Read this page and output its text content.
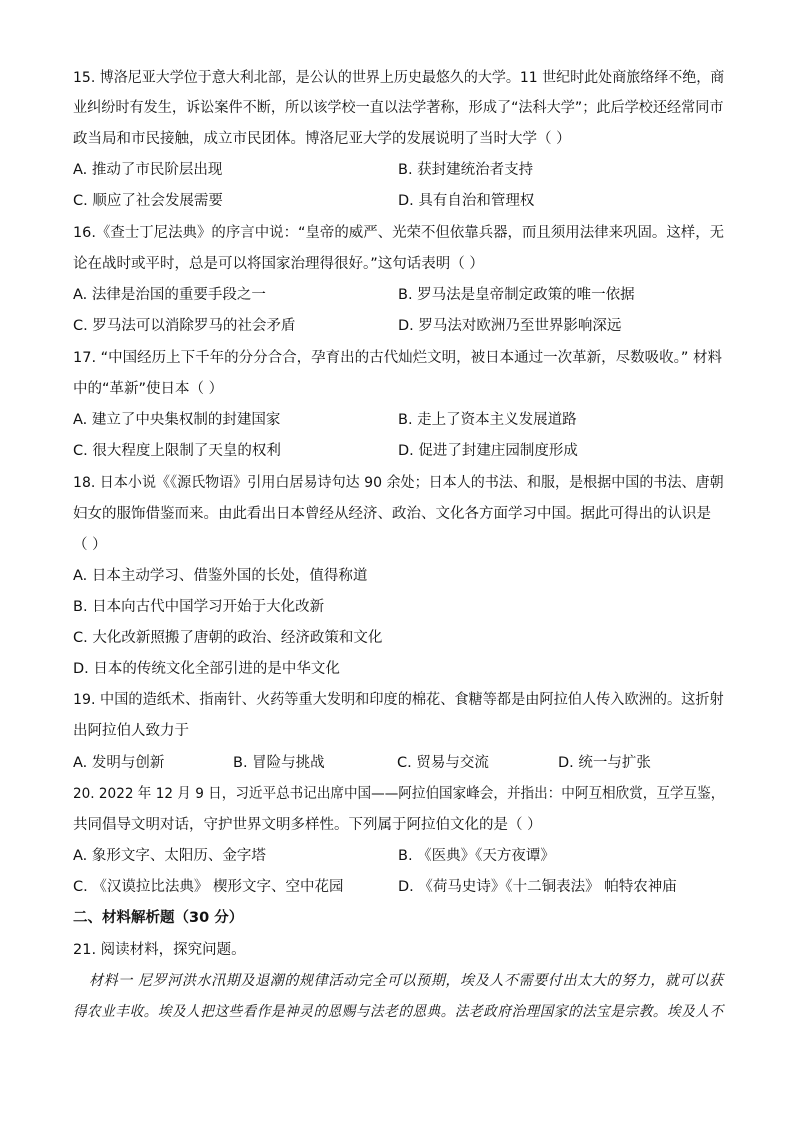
15. 博洛尼亚大学位于意大利北部，是公认的世界上历史最悠久的大学。11 世纪时此处商旅络绎不绝，商
业纠纷时有发生，诉讼案件不断，所以该学校一直以法学著称，形成了“法科大学”；此后学校还经常同市
政当局和市民接触，成立市民团体。博洛尼亚大学的发展说明了当时大学（ ）
A. 推动了市民阶层出现	B. 获封建统治者支持
C. 顺应了社会发展需要	D. 具有自治和管理权
16.《查士丁尼法典》的序言中说：“皇帝的威严、光荣不但依靠兵器，而且须用法律来巩固。这样，无
论在战时或平时，总是可以将国家治理得很好。”这句话表明（ ）
A. 法律是治国的重要手段之一	B. 罗马法是皇帝制定政策的唯一依据
C. 罗马法可以消除罗马的社会矛盾	D. 罗马法对欧洲乃至世界影响深远
17. “中国经历上下千年的分分合合，孕育出的古代灿烂文明，被日本通过一次革新，尽数吸收。” 材料
中的“革新”使日本（ ）
A. 建立了中央集权制的封建国家	B. 走上了资本主义发展道路
C. 很大程度上限制了天皇的权利	D. 促进了封建庄园制度形成
18. 日本小说《《源氏物语》引用白居易诗句达 90 余处；日本人的书法、和服，是根据中国的书法、唐朝
妇女的服饰借鉴而来。由此看出日本曾经从经济、政治、文化各方面学习中国。据此可得出的认识是
（ ）
A. 日本主动学习、借鉴外国的长处，值得称道
B. 日本向古代中国学习开始于大化改新
C. 大化改新照搬了唐朝的政治、经济政策和文化
D. 日本的传统文化全部引进的是中华文化
19. 中国的造纸术、指南针、火药等重大发明和印度的棉花、食糖等都是由阿拉伯人传入欧洲的。这折射
出阿拉伯人致力于
A. 发明与创新	B. 冒险与挑战	C. 贸易与交流	D. 统一与扩张
20. 2022 年 12 月 9 日，习近平总书记出席中国——阿拉伯国家峰会，并指出：中阿互相欣赏，互学互鉴，
共同倡导文明对话，守护世界文明多样性。下列属于阿拉伯文化的是（ ）
A. 象形文字、太阳历、金字塔	B. 《医典》《天方夜谭》
C. 《汉谟拉比法典》 楔形文字、空中花园	D. 《荷马史诗》《十二铜表法》 帕特农神庙
二、材料解析题（30 分）
21. 阅读材料，探究问题。
材料一 尼罗河洪水汛期及退潮的规律活动完全可以预期，埃及人不需要付出太大的努力，就可以获
得农业丰收。埃及人把这些看作是神灵的恩赐与法老的恩典。法老政府治理国家的法宝是宗教。埃及人不
